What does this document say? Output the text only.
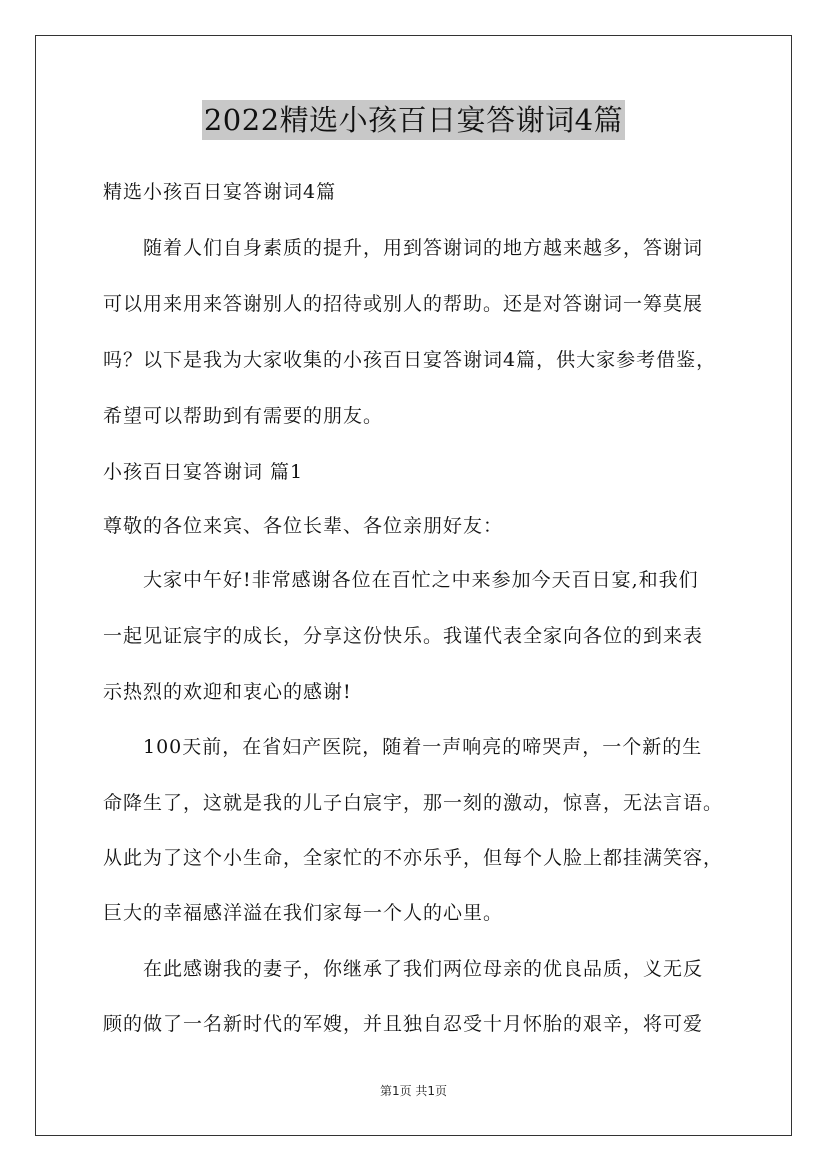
2022精选小孩百日宴答谢词4篇
精选小孩百日宴答谢词4篇
随着人们自身素质的提升，用到答谢词的地方越来越多，答谢词
可以用来用来答谢别人的招待或别人的帮助。还是对答谢词一筹莫展
吗？以下是我为大家收集的小孩百日宴答谢词4篇，供大家参考借鉴，
希望可以帮助到有需要的朋友。
小孩百日宴答谢词 篇1
尊敬的各位来宾、各位长辈、各位亲朋好友：
大家中午好!非常感谢各位在百忙之中来参加今天百日宴,和我们
一起见证宸宇的成长，分享这份快乐。我谨代表全家向各位的到来表
示热烈的欢迎和衷心的感谢!
100天前，在省妇产医院，随着一声响亮的啼哭声，一个新的生
命降生了，这就是我的儿子白宸宇，那一刻的激动，惊喜，无法言语。
从此为了这个小生命，全家忙的不亦乐乎，但每个人脸上都挂满笑容，
巨大的幸福感洋溢在我们家每一个人的心里。
在此感谢我的妻子，你继承了我们两位母亲的优良品质，义无反
顾的做了一名新时代的军嫂，并且独自忍受十月怀胎的艰辛，将可爱
第1页 共1页
